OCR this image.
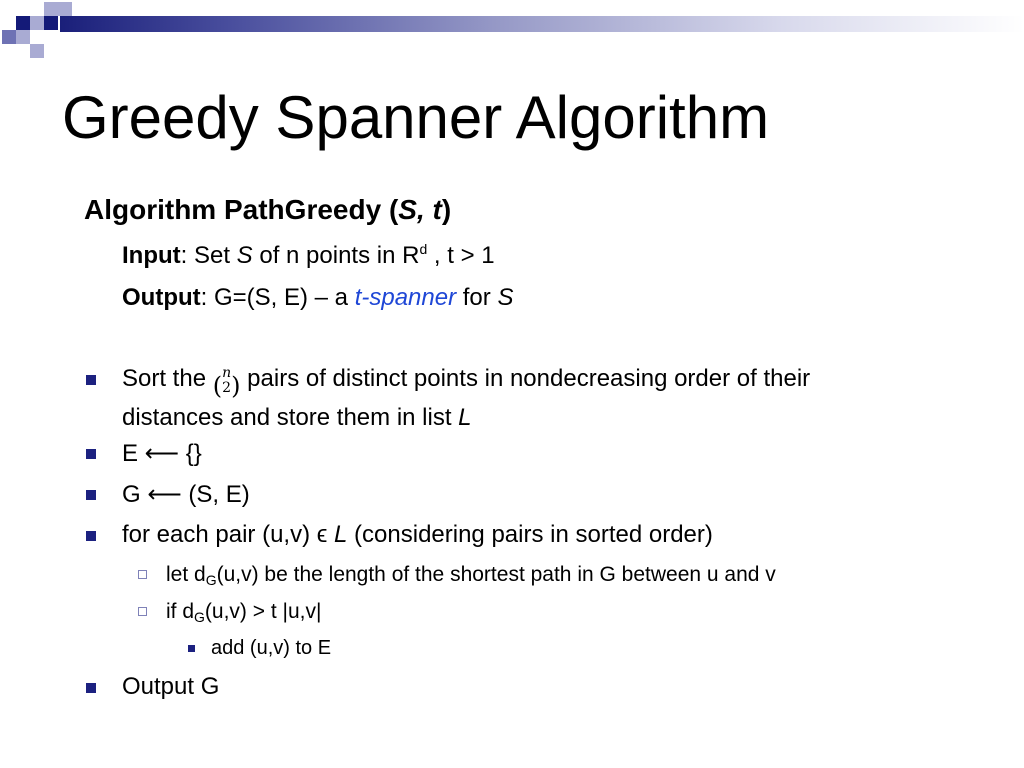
Greedy Spanner Algorithm
Algorithm PathGreedy (S, t)
Input: Set S of n points in $R^d$ , t > 1
Output: G=(S, E) – a t-spanner for S
Sort the ( n
2 ) pairs of distinct points in nondecreasing order of their
distances and store them in list L
E ⟵ {}
G ⟵ (S, E)
for each pair (u,v) ϵ L (considering pairs in sorted order)
let $d_G(u,v)$ be the length of the shortest path in G between u and v
if $d_G(u,v) > t$ |u,v|
add (u,v) to E
Output G
